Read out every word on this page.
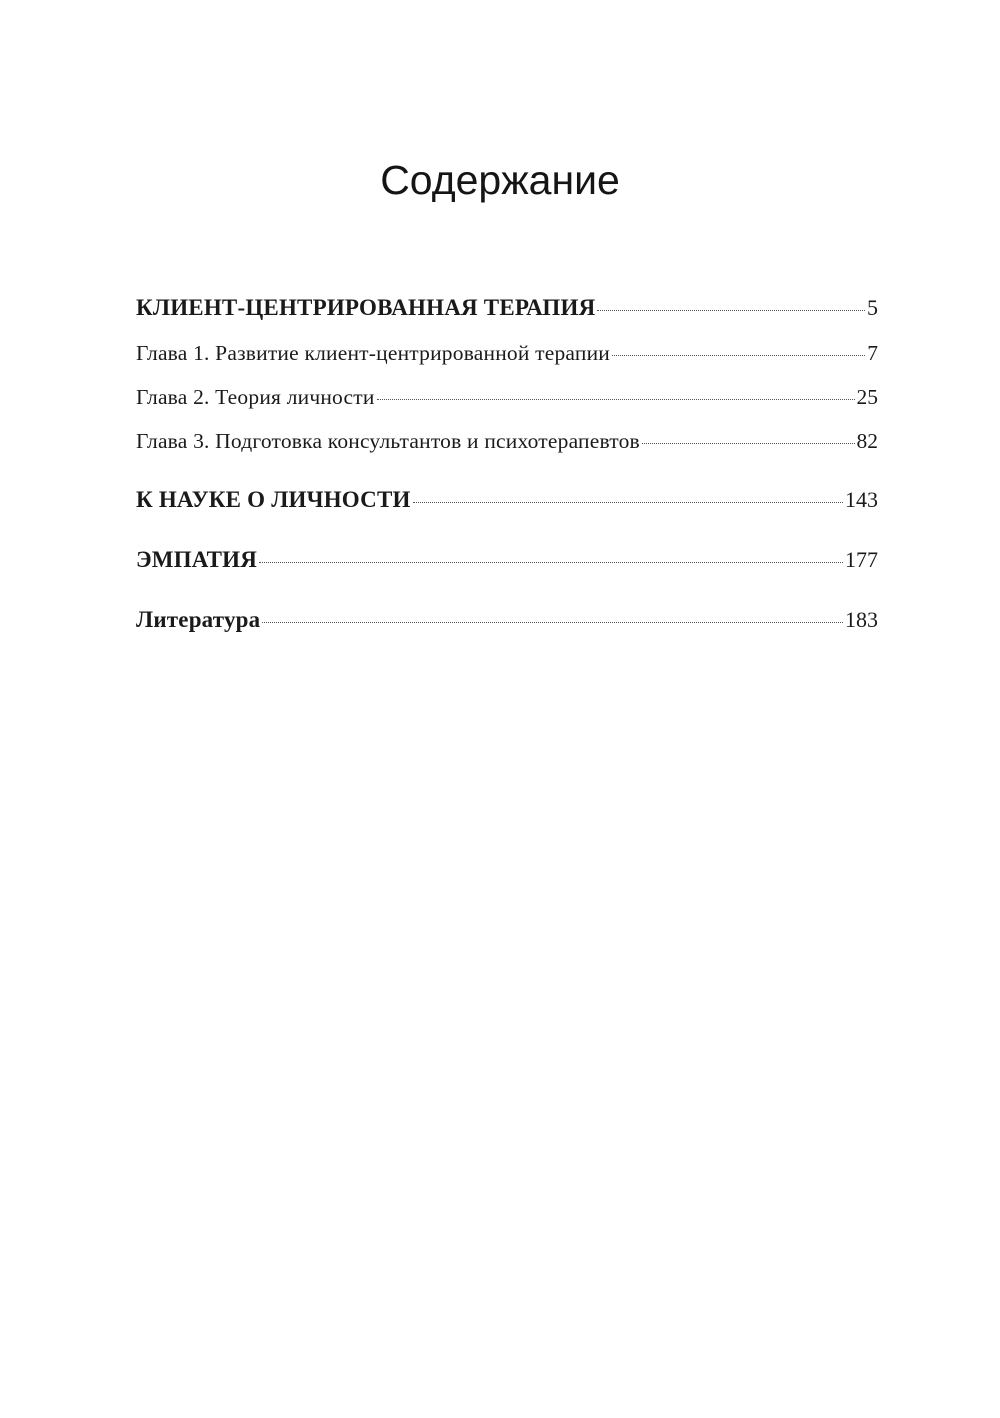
Содержание
КЛИЕНТ-ЦЕНТРИРОВАННАЯ ТЕРАПИЯ	5
Глава 1. Развитие клиент-центрированной терапии	7
Глава 2. Теория личности	25
Глава 3. Подготовка консультантов и психотерапевтов	82
К НАУКЕ О ЛИЧНОСТИ	143
ЭМПАТИЯ	177
Литература	183
